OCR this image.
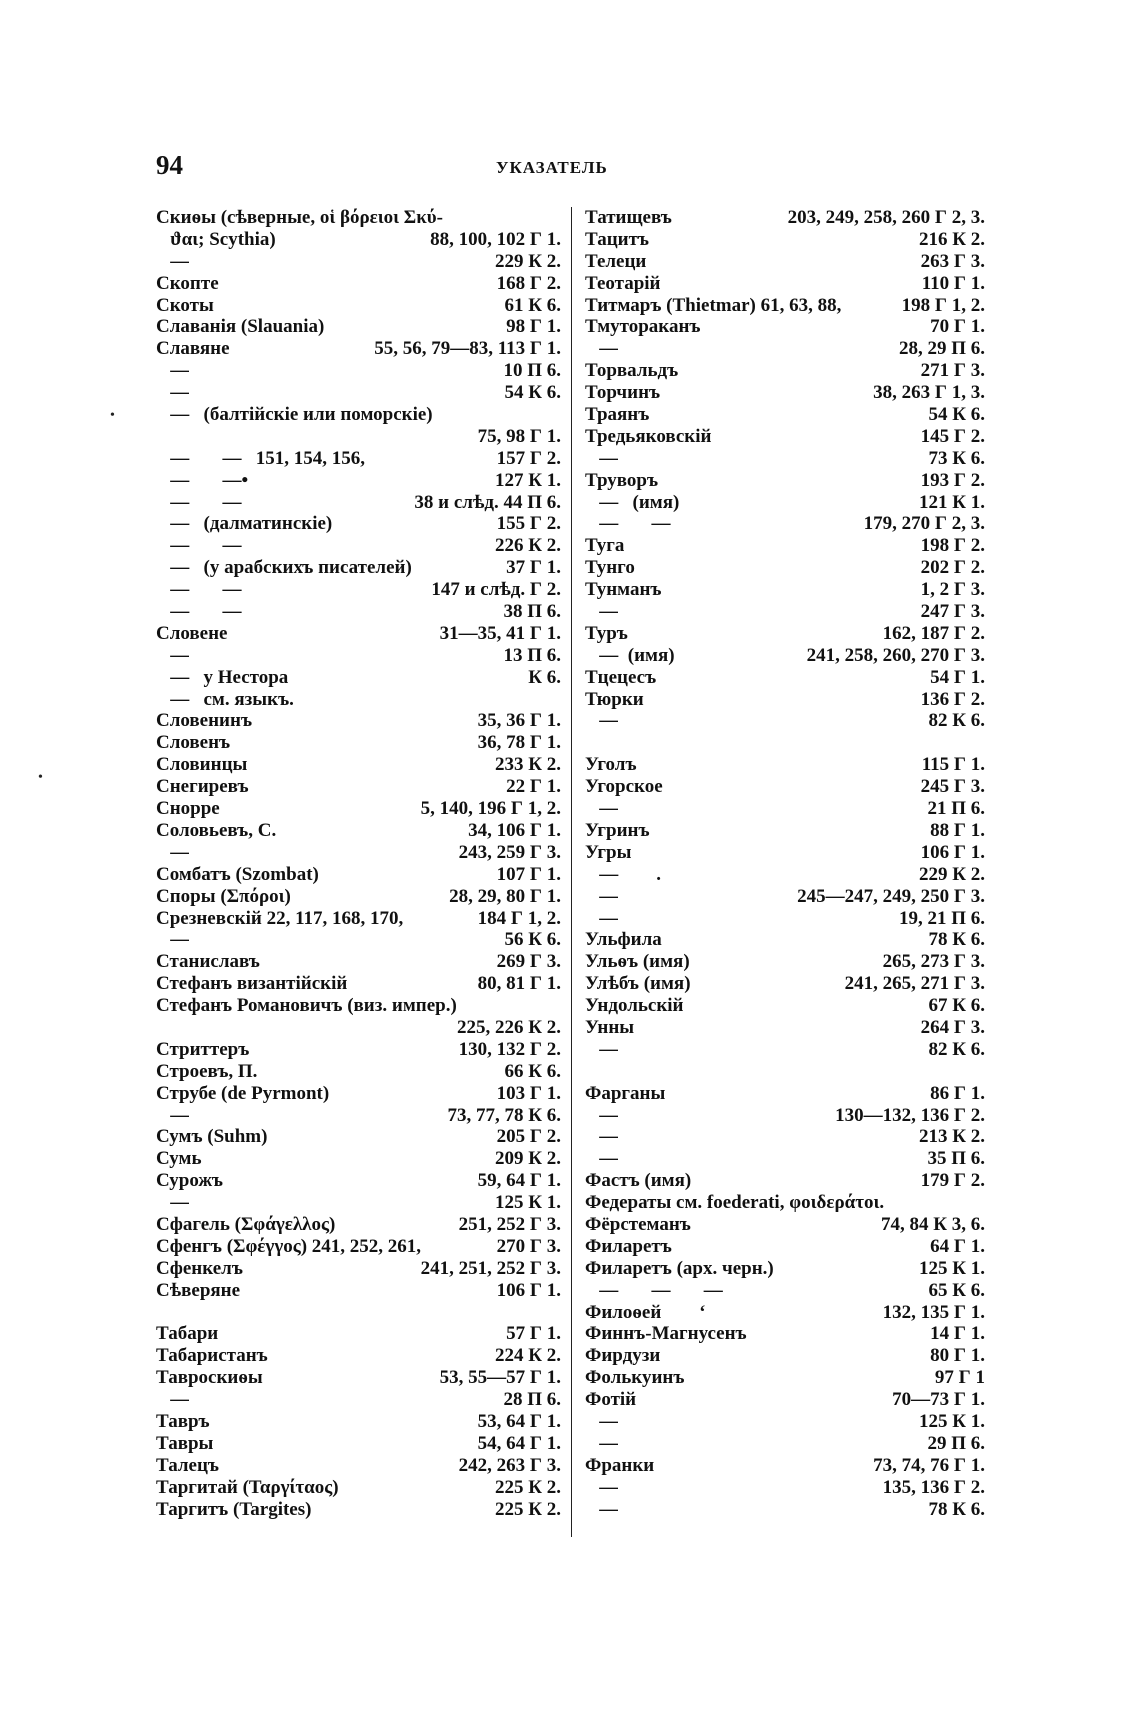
94	УКАЗАТЕЛЬ
Скиѳы (сѣверные, οἱ βόρειοι Σκύ-
ϑαι; Scythia)	88, 100, 102 Г 1.
—	229 К 2.
Скопте	168 Г 2.
Скоты	61 К 6.
Славанія (Slauania)	98 Г 1.
Славяне	55, 56, 79—83, 113 Г 1.
—	10 П 6.
—	54 К 6.
—   (балтійскіе или поморскіе)
75, 98 Г 1.
—       —   151, 154, 156,	157 Г 2.
—       —•	127 К 1.
—       —	38 и слѣд. 44 П 6.
—   (далматинскіе)	155 Г 2.
—       —	226 К 2.
—   (у арабскихъ писателей)	37 Г 1.
—       —	147 и слѣд. Г 2.
—       —	38 П 6.
Словене	31—35, 41 Г 1.
—	13 П 6.
—   у Нестора	К 6.
—   см. языкъ.
Словенинъ	35, 36 Г 1.
Словенъ	36, 78 Г 1.
Словинцы	233 К 2.
Снегиревъ	22 Г 1.
Снорре	5, 140, 196 Г 1, 2.
Соловьевъ, С.	34, 106 Г 1.
—	243, 259 Г 3.
Сомбатъ (Szombat)	107 Г 1.
Споры (Σπόροι)	28, 29, 80 Г 1.
Срезневскій 22, 117, 168, 170,	184 Г 1, 2.
—	56 К 6.
Станиславъ	269 Г 3.
Стефанъ византійскій	80, 81 Г 1.
Стефанъ Романовичъ (виз. импер.)
225, 226 К 2.
Стриттеръ	130, 132 Г 2.
Строевъ, П.	66 К 6.
Струбе (de Pyrmont)	103 Г 1.
—	73, 77, 78 К 6.
Сумъ (Suhm)	205 Г 2.
Сумь	209 К 2.
Сурожъ	59, 64 Г 1.
—	125 К 1.
Сфагель (Σφάγελλος)	251, 252 Г 3.
Сфенгъ (Σφέγγος) 241, 252, 261,	270 Г 3.
Сфенкелъ	241, 251, 252 Г 3.
Сѣверяне	106 Г 1.
Табари	57 Г 1.
Табаристанъ	224 К 2.
Тавроскиѳы	53, 55—57 Г 1.
—	28 П 6.
Тавръ	53, 64 Г 1.
Тавры	54, 64 Г 1.
Талецъ	242, 263 Г 3.
Таргитай (Ταργίταος)	225 К 2.
Таргитъ (Targites)	225 К 2.
Татищевъ	203, 249, 258, 260 Г 2, 3.
Тацитъ	216 К 2.
Телеци	263 Г 3.
Теотарій	110 Г 1.
Титмаръ (Thietmar) 61, 63, 88,	198 Г 1, 2.
Тмуторaканъ	70 Г 1.
—	28, 29 П 6.
Торвальдъ	271 Г 3.
Торчинъ	38, 263 Г 1, 3.
Траянъ	54 К 6.
Тредьяковскій	145 Г 2.
—	73 К 6.
Труворъ	193 Г 2.
—   (имя)	121 К 1.
—       —	179, 270 Г 2, 3.
Туга	198 Г 2.
Тунго	202 Г 2.
Тунманъ	1, 2 Г 3.
—	247 Г 3.
Туръ	162, 187 Г 2.
—  (имя)	241, 258, 260, 270 Г 3.
Тцецесъ	54 Г 1.
Тюрки	136 Г 2.
—	82 К 6.
Уголъ	115 Г 1.
Угорское	245 Г 3.
—	21 П 6.
Угринъ	88 Г 1.
Угры	106 Г 1.
—        .	229 К 2.
—	245—247, 249, 250 Г 3.
—	19, 21 П 6.
Ульфила	78 К 6.
Ульѳъ (имя)	265, 273 Г 3.
Улѣбъ (имя)	241, 265, 271 Г 3.
Ундольскій	67 К 6.
Унны	264 Г 3.
—	82 К 6.
Фарганы	86 Г 1.
—	130—132, 136 Г 2.
—	213 К 2.
—	35 П 6.
Фастъ (имя)	179 Г 2.
Федераты см. foederati, φοιδεράτοι.
Фёрстеманъ	74, 84 К 3, 6.
Филаретъ	64 Г 1.
Филаретъ (арх. черн.)	125 К 1.
—       —       —	65 К 6.
Филоѳей        ‘	132, 135 Г 1.
Финнъ-Магнусенъ	14 Г 1.
Фирдузи	80 Г 1.
Фолькуинъ	97 Г 1
Фотій	70—73 Г 1.
—	125 К 1.
—	29 П 6.
Франки	73, 74, 76 Г 1.
—	135, 136 Г 2.
—	78 К 6.
•
•
